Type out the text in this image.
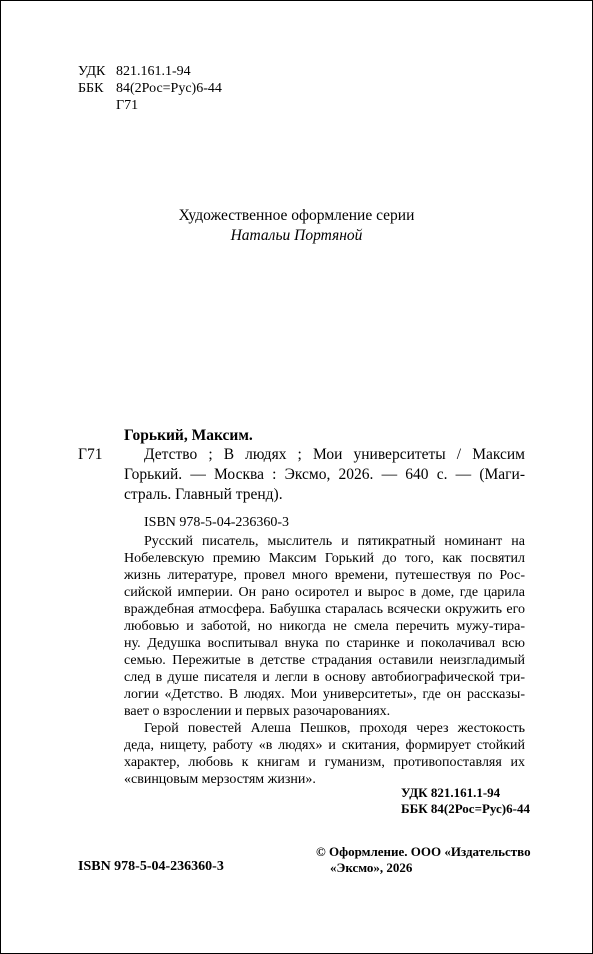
УДК 821.161.1-94
ББК 84(2Рос=Рус)6-44
Г71
Художественное оформление серии
Натальи Портяной
Горький, Максим.
Г71	Детство ; В людях ; Мои университеты / Максим
Горький. — Москва : Эксмо, 2026. — 640 с. — (Маги-
страль. Главный тренд).
ISBN 978-5-04-236360-3
Русский писатель, мыслитель и пятикратный номинант на
Нобелевскую премию Максим Горький до того, как посвятил
жизнь литературе, провел много времени, путешествуя по Рос-
сийской империи. Он рано осиротел и вырос в доме, где царила
враждебная атмосфера. Бабушка старалась всячески окружить его
любовью и заботой, но никогда не смела перечить мужу-тира-
ну. Дедушка воспитывал внука по старинке и поколачивал всю
семью. Пережитые в детстве страдания оставили неизгладимый
след в душе писателя и легли в основу автобиографической три-
логии «Детство. В людях. Мои университеты», где он рассказы-
вает о взрослении и первых разочарованиях.
Герой повестей Алеша Пешков, проходя через жестокость
деда, нищету, работу «в людях» и скитания, формирует стойкий
характер, любовь к книгам и гуманизм, противопоставляя их
«свинцовым мерзостям жизни».
УДК 821.161.1-94
ББК 84(2Рос=Рус)6-44
ISBN 978-5-04-236360-3
© Оформление. ООО «Издательство
«Эксмо», 2026
